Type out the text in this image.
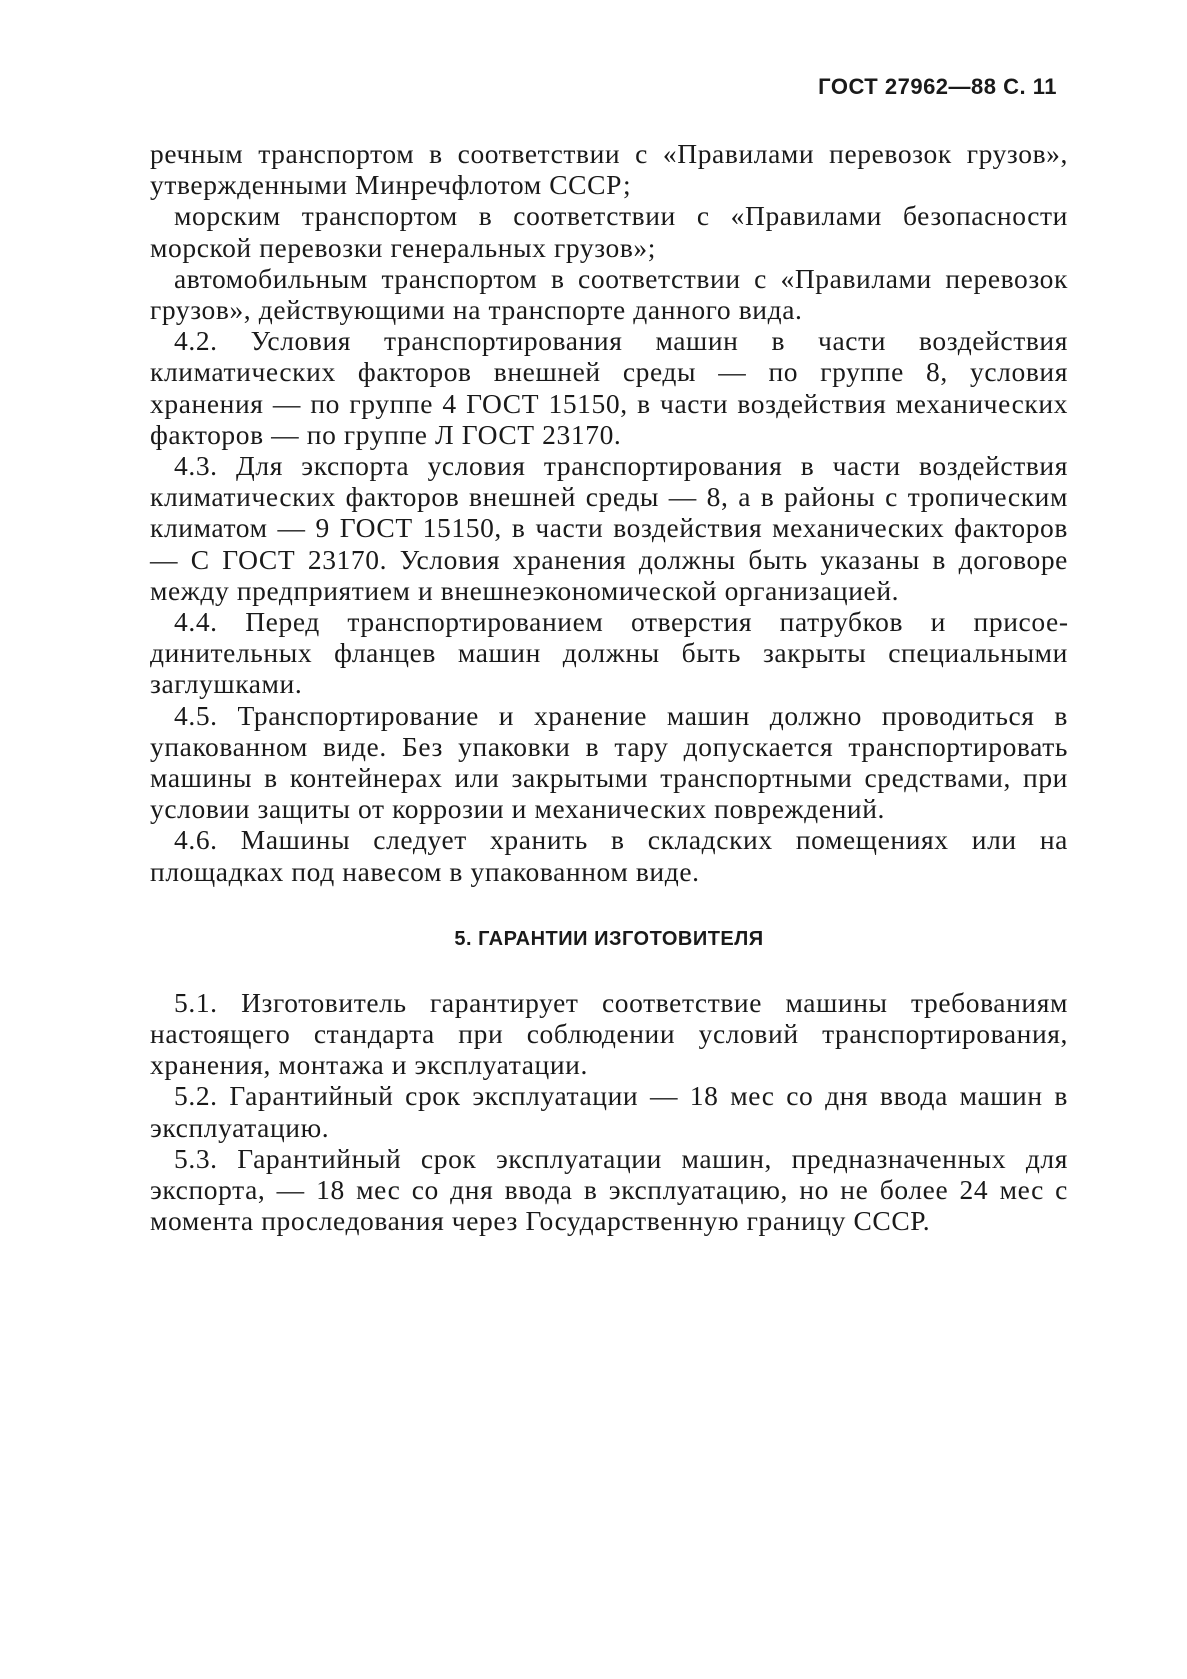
ГОСТ 27962—88 С. 11

речным транспортом в соответствии с «Правилами перевозок грузов», утвержденными Минречфлотом СССР;

морским транспортом в соответствии с «Правилами безопасности морской перевозки генеральных грузов»;

автомобильным транспортом в соответствии с «Правилами перевозок грузов», действующими на транспорте данного вида.

4.2. Условия транспортирования машин в части воздействия климатических факторов внешней среды — по группе 8, условия хранения — по группе 4 ГОСТ 15150, в части воздействия механических факторов — по группе Л ГОСТ 23170.

4.3. Для экспорта условия транспортирования в части воздействия климатических факторов внешней среды — 8, а в районы с тропическим климатом — 9 ГОСТ 15150, в части воздействия механических факторов — С ГОСТ 23170. Условия хранения должны быть указаны в договоре между предприятием и внешнеэкономической организацией.

4.4. Перед транспортированием отверстия патрубков и присоединительных фланцев машин должны быть закрыты специальными заглушками.

4.5. Транспортирование и хранение машин должно проводиться в упакованном виде. Без упаковки в тару допускается транспортировать машины в контейнерах или закрытыми транспортными средствами, при условии защиты от коррозии и механических повреждений.

4.6. Машины следует хранить в складских помещениях или на площадках под навесом в упакованном виде.

5. ГАРАНТИИ ИЗГОТОВИТЕЛЯ

5.1. Изготовитель гарантирует соответствие машины требованиям настоящего стандарта при соблюдении условий транспортирования, хранения, монтажа и эксплуатации.

5.2. Гарантийный срок эксплуатации — 18 мес со дня ввода машин в эксплуатацию.

5.3. Гарантийный срок эксплуатации машин, предназначенных для экспорта, — 18 мес со дня ввода в эксплуатацию, но не более 24 мес с момента проследования через Государственную границу СССР.
